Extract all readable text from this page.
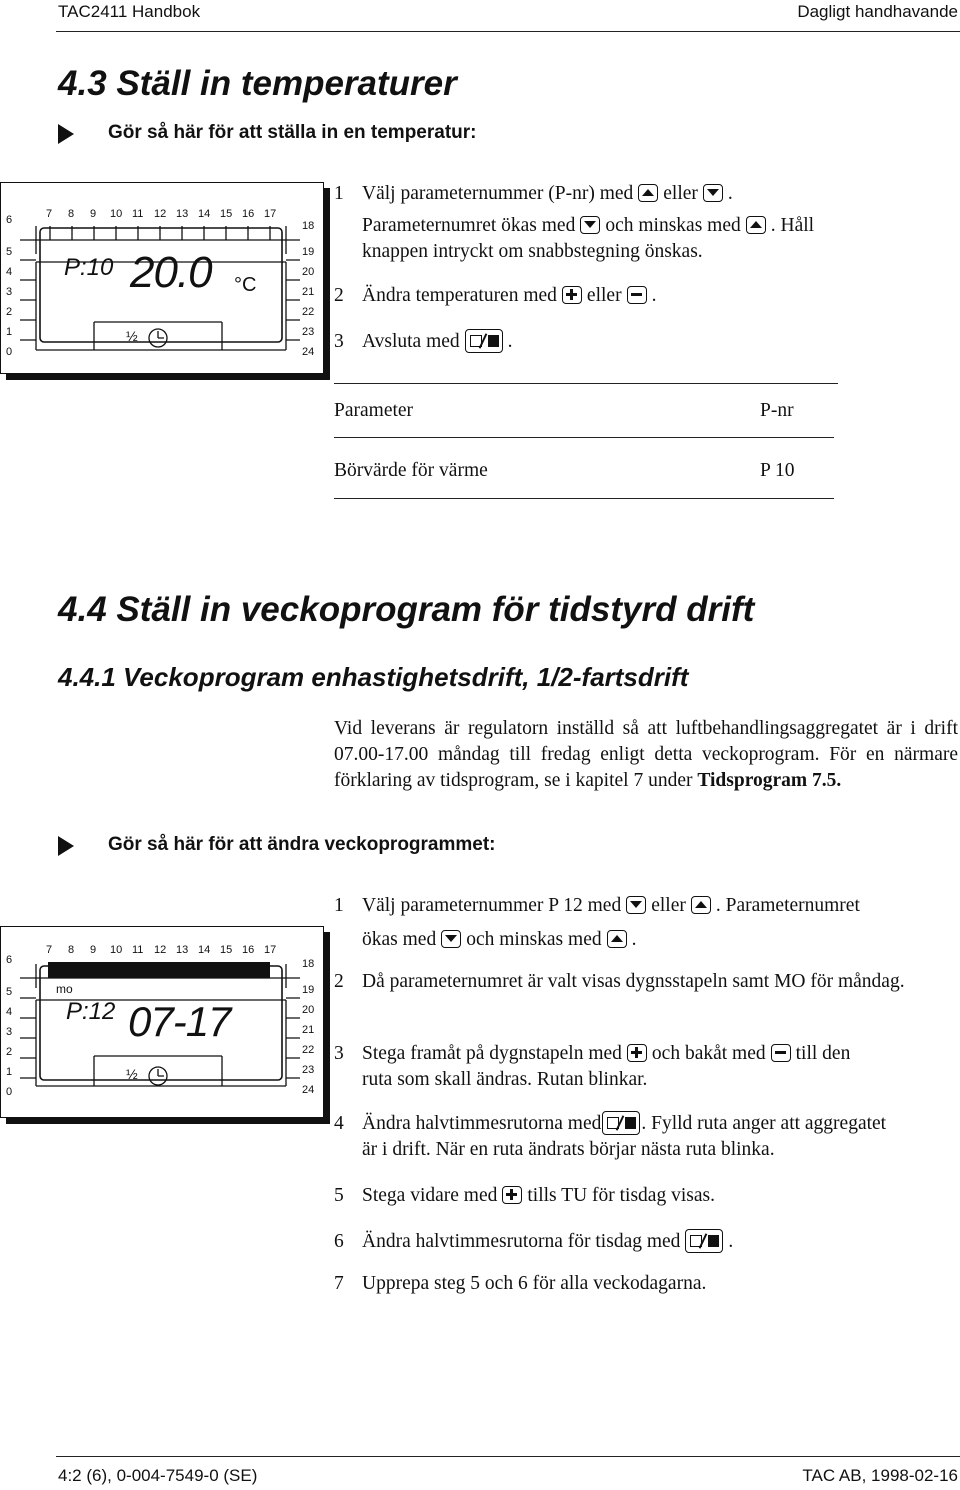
TAC2411 Handbok	Dagligt handhavande
4.3 Ställ in temperaturer
Gör så här för att ställa in en temperatur:
7 8 9 10 11 12 13 14 15 16 17
6
5
4
3
2
1
0
18
19
20
21
22
23
24
P:10 20.0 °C
½
1 Välj parameternummer (P-nr) med eller .
Parameternumret ökas med och minskas med . Håll
knappen intryckt om snabbstegning önskas.
2 Ändra temperaturen med eller .
3 Avsluta med .
Parameter	P-nr
Börvärde för värme	P 10
4.4 Ställ in veckoprogram för tidstyrd drift
4.4.1 Veckoprogram enhastighetsdrift, 1/2-fartsdrift
Vid leverans är regulatorn inställd så att luftbehandlingsaggregatet är i drift 07.00-17.00 måndag till fredag enligt detta veckoprogram. För en närmare förklaring av tidsprogram, se i kapitel 7 under Tidsprogram 7.5.
Gör så här för att ändra veckoprogrammet:
7 8 9 10 11 12 13 14 15 16 17
6
5
4
3
2
1
0
18
19
20
21
22
23
24
mo
P:12 07-17
½
1 Välj parameternummer P 12 med eller . Parameternumret
ökas med och minskas med .
2 Då parameternumret är valt visas dygnsstapeln samt MO för måndag.
3 Stega framåt på dygnstapeln med och bakåt med till den
ruta som skall ändras. Rutan blinkar.
4 Ändra halvtimmesrutorna med . Fylld ruta anger att aggregatet
är i drift. När en ruta ändrats börjar nästa ruta blinka.
5 Stega vidare med tills TU för tisdag visas.
6 Ändra halvtimmesrutorna för tisdag med .
7 Upprepa steg 5 och 6 för alla veckodagarna.
4:2 (6), 0-004-7549-0 (SE)	TAC AB, 1998-02-16
